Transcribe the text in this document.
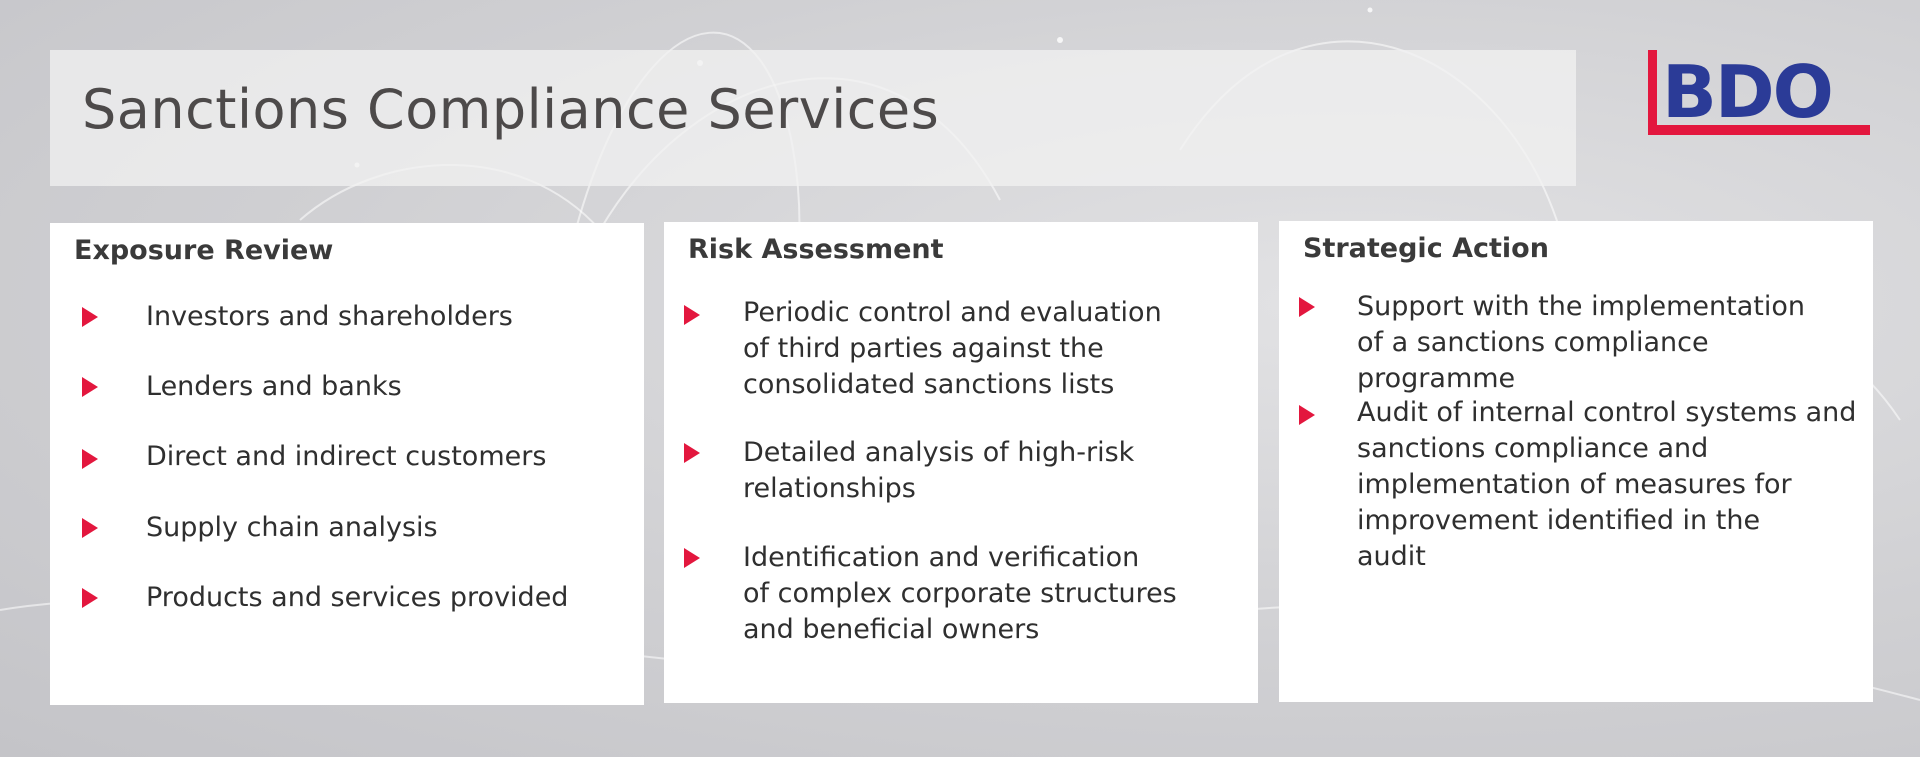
Sanctions Compliance Services	BDO
Exposure Review
Investors and shareholders
Lenders and banks
Direct and indirect customers
Supply chain analysis
Products and services provided
Risk Assessment
Periodic control and evaluation
of third parties against the
consolidated sanctions lists
Detailed analysis of high-risk
relationships
Identification and verification
of complex corporate structures
and beneficial owners
Strategic Action
Support with the implementation
of a sanctions compliance programme
Audit of internal control systems and
sanctions compliance and
implementation of measures for
improvement identified in the
audit
